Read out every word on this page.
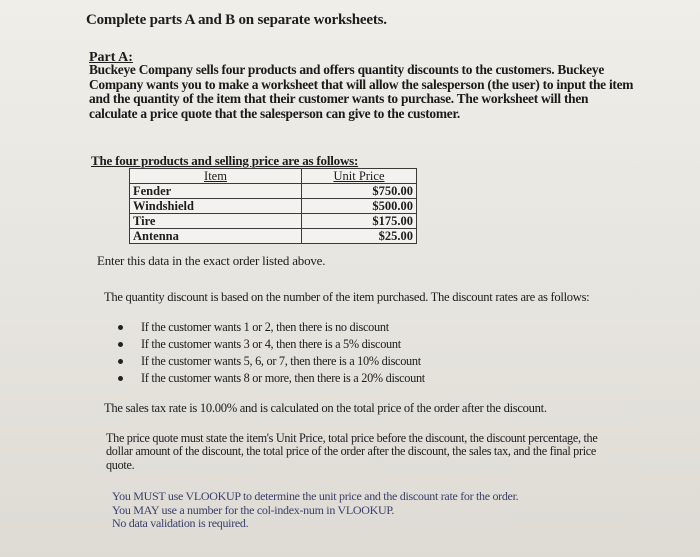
Complete parts A and B on separate worksheets.
Part A:
Buckeye Company sells four products and offers quantity discounts to the customers. Buckeye Company wants you to make a worksheet that will allow the salesperson (the user) to input the item and the quantity of the item that their customer wants to purchase. The worksheet will then calculate a price quote that the salesperson can give to the customer.
The four products and selling price are as follows:
Item	Unit Price
Fender	$750.00
Windshield	$500.00
Tire	$175.00
Antenna	$25.00
Enter this data in the exact order listed above.
The quantity discount is based on the number of the item purchased. The discount rates are as follows:
If the customer wants 1 or 2, then there is no discount
If the customer wants 3 or 4, then there is a 5% discount
If the customer wants 5, 6, or 7, then there is a 10% discount
If the customer wants 8 or more, then there is a 20% discount
The sales tax rate is 10.00% and is calculated on the total price of the order after the discount.
The price quote must state the item's Unit Price, total price before the discount, the discount percentage, the dollar amount of the discount, the total price of the order after the discount, the sales tax, and the final price quote.
You MUST use VLOOKUP to determine the unit price and the discount rate for the order.
You MAY use a number for the col-index-num in VLOOKUP.
No data validation is required.
